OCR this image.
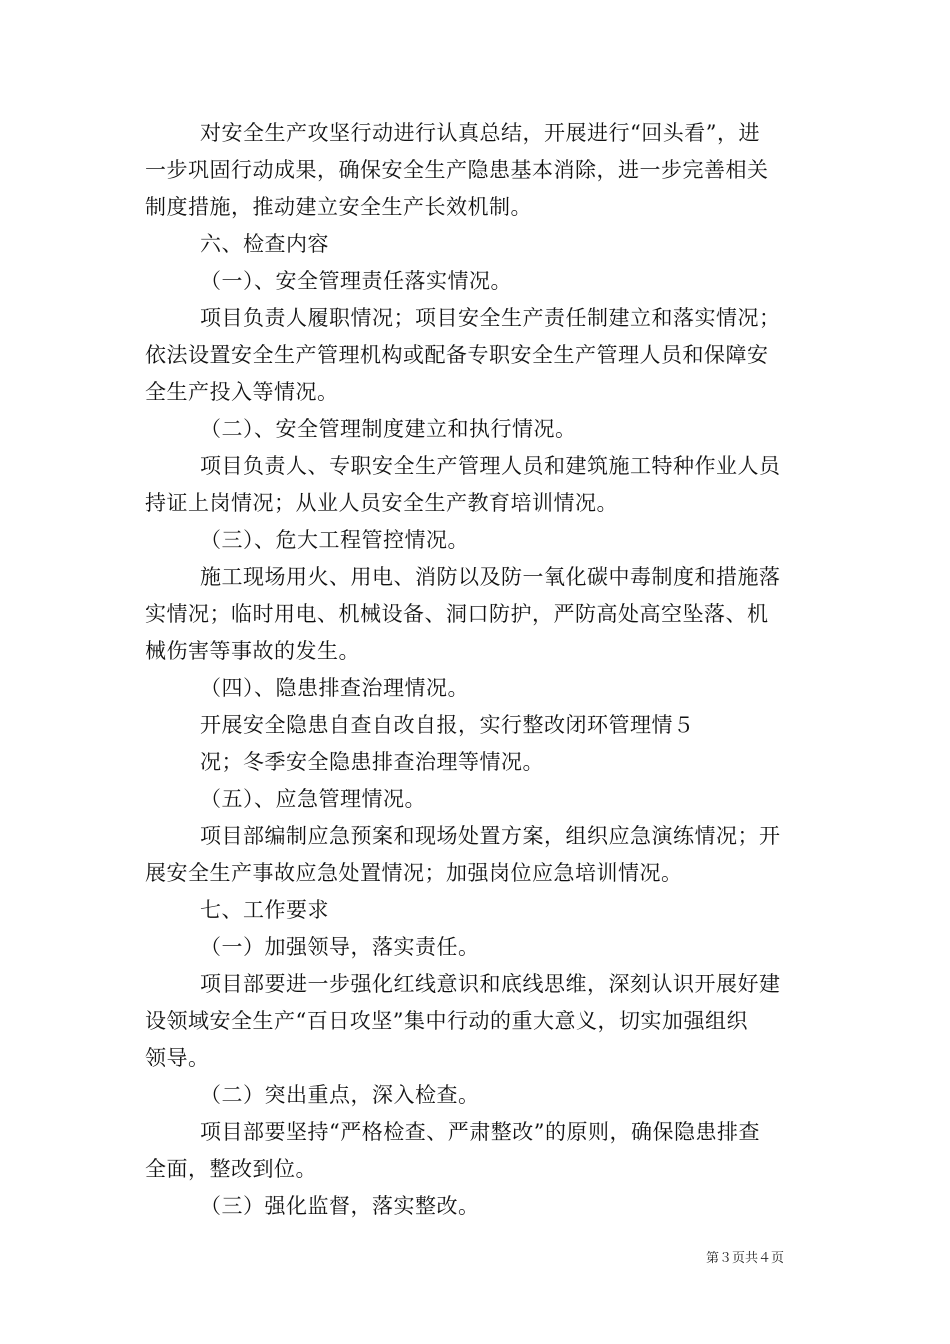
对安全生产攻坚行动进行认真总结，开展进行“回头看”，进
一步巩固行动成果，确保安全生产隐患基本消除，进一步完善相关
制度措施，推动建立安全生产长效机制。
六、检查内容
（一）、安全管理责任落实情况。
项目负责人履职情况；项目安全生产责任制建立和落实情况；
依法设置安全生产管理机构或配备专职安全生产管理人员和保障安
全生产投入等情况。
（二）、安全管理制度建立和执行情况。
项目负责人、专职安全生产管理人员和建筑施工特种作业人员
持证上岗情况；从业人员安全生产教育培训情况。
（三）、危大工程管控情况。
施工现场用火、用电、消防以及防一氧化碳中毒制度和措施落
实情况；临时用电、机械设备、洞口防护，严防高处高空坠落、机
械伤害等事故的发生。
（四）、隐患排查治理情况。
开展安全隐患自查自改自报，实行整改闭环管理情５
况；冬季安全隐患排查治理等情况。
（五）、应急管理情况。
项目部编制应急预案和现场处置方案，组织应急演练情况；开
展安全生产事故应急处置情况；加强岗位应急培训情况。
七、工作要求
（一）加强领导，落实责任。
项目部要进一步强化红线意识和底线思维，深刻认识开展好建
设领域安全生产“百日攻坚”集中行动的重大意义，切实加强组织
领导。
（二）突出重点，深入检查。
项目部要坚持“严格检查、严肃整改”的原则，确保隐患排查
全面，整改到位。
（三）强化监督，落实整改。
第３页共４页
